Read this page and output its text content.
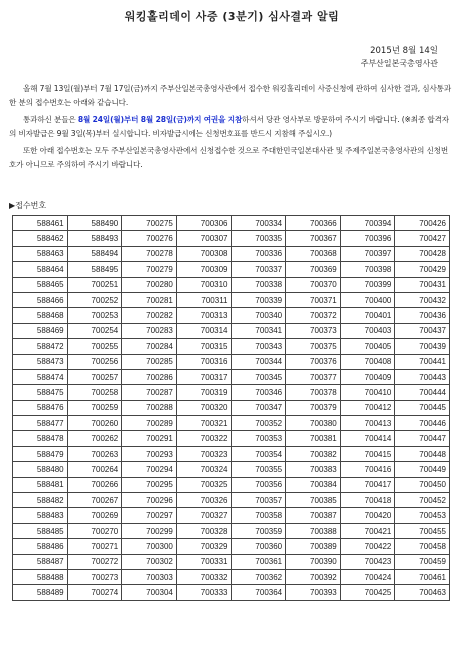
워킹홀리데이 사증 (3분기) 심사결과 알림
2015년 8월 14일
주부산일본국총영사관

올해 7월 13일(월)부터 7월 17일(금)까지 주부산일본국총영사관에서 접수한 워킹홀리데이 사증신청에 관하여 심사한 결과, 심사통과한 분의 접수번호는 아래와 같습니다.

통과하신 분들은 8월 24일(월)부터 8월 28일(금)까지 여권을 지참하셔서 당관 영사부로 방문하여 주시기 바랍니다. (※최종 합격자의 비자발급은 9월 3일(목)부터 실시합니다. 비자발급시에는 신청번호표를 반드시 지참해 주십시오.)

또한 아래 접수번호는 모두 주부산일본국총영사관에서 신청접수한 것으로 주대한민국일본대사관 및 주제주일본국총영사관의 신청번호가 아니므로 주의하여 주시기 바랍니다.

▶접수번호
588461	588490	700275	700306	700334	700366	700394	700426
588462	588493	700276	700307	700335	700367	700396	700427
588463	588494	700278	700308	700336	700368	700397	700428
588464	588495	700279	700309	700337	700369	700398	700429
588465	700251	700280	700310	700338	700370	700399	700431
588466	700252	700281	700311	700339	700371	700400	700432
588468	700253	700282	700313	700340	700372	700401	700436
588469	700254	700283	700314	700341	700373	700403	700437
588472	700255	700284	700315	700343	700375	700405	700439
588473	700256	700285	700316	700344	700376	700408	700441
588474	700257	700286	700317	700345	700377	700409	700443
588475	700258	700287	700319	700346	700378	700410	700444
588476	700259	700288	700320	700347	700379	700412	700445
588477	700260	700289	700321	700352	700380	700413	700446
588478	700262	700291	700322	700353	700381	700414	700447
588479	700263	700293	700323	700354	700382	700415	700448
588480	700264	700294	700324	700355	700383	700416	700449
588481	700266	700295	700325	700356	700384	700417	700450
588482	700267	700296	700326	700357	700385	700418	700452
588483	700269	700297	700327	700358	700387	700420	700453
588485	700270	700299	700328	700359	700388	700421	700455
588486	700271	700300	700329	700360	700389	700422	700458
588487	700272	700302	700331	700361	700390	700423	700459
588488	700273	700303	700332	700362	700392	700424	700461
588489	700274	700304	700333	700364	700393	700425	700463
